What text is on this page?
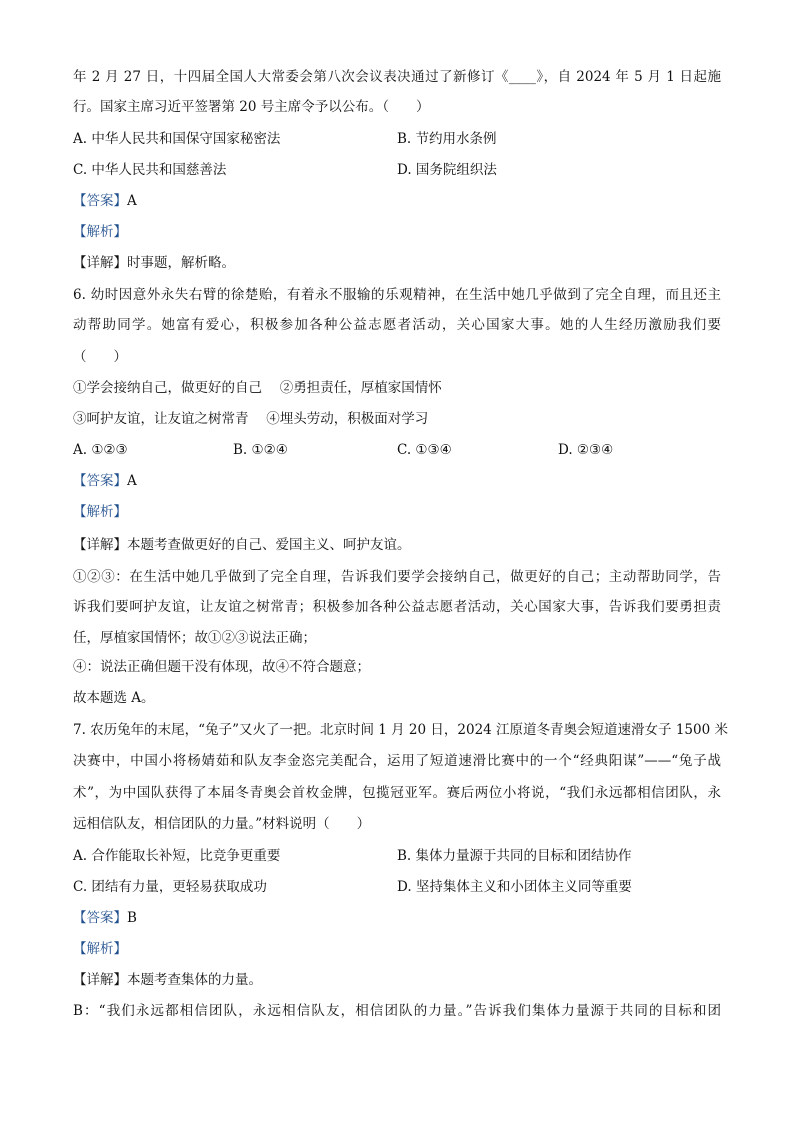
年 2 月 27 日，十四届全国人大常委会第八次会议表决通过了新修订《____》，自 2024 年 5 月 1 日起施
行。国家主席习近平签署第 20 号主席令予以公布。（　　）
A. 中华人民共和国保守国家秘密法	B. 节约用水条例
C. 中华人民共和国慈善法	D. 国务院组织法
【答案】A
【解析】
【详解】时事题，解析略。
6. 幼时因意外永失右臂的徐楚贻，有着永不服输的乐观精神，在生活中她几乎做到了完全自理，而且还主
动帮助同学。她富有爱心，积极参加各种公益志愿者活动，关心国家大事。她的人生经历激励我们要
（　　）
①学会接纳自己，做更好的自己　 ②勇担责任，厚植家国情怀
③呵护友谊，让友谊之树常青　 ④埋头劳动，积极面对学习
A. ①②③	B. ①②④	C. ①③④	D. ②③④
【答案】A
【解析】
【详解】本题考查做更好的自己、爱国主义、呵护友谊。
①②③：在生活中她几乎做到了完全自理，告诉我们要学会接纳自己，做更好的自己；主动帮助同学，告
诉我们要呵护友谊，让友谊之树常青；积极参加各种公益志愿者活动，关心国家大事，告诉我们要勇担责
任，厚植家国情怀；故①②③说法正确；
④：说法正确但题干没有体现，故④不符合题意；
故本题选 A。
7. 农历兔年的末尾，“兔子”又火了一把。北京时间 1 月 20 日，2024 江原道冬青奥会短道速滑女子 1500 米
决赛中，中国小将杨婧茹和队友李金恣完美配合，运用了短道速滑比赛中的一个“经典阳谋”——“兔子战
术”，为中国队获得了本届冬青奥会首枚金牌，包揽冠亚军。赛后两位小将说，“我们永远都相信团队，永
远相信队友，相信团队的力量。”材料说明（　　）
A. 合作能取长补短，比竞争更重要	B. 集体力量源于共同的目标和团结协作
C. 团结有力量，更轻易获取成功	D. 坚持集体主义和小团体主义同等重要
【答案】B
【解析】
【详解】本题考查集体的力量。
B：“我们永远都相信团队，永远相信队友，相信团队的力量。”告诉我们集体力量源于共同的目标和团
